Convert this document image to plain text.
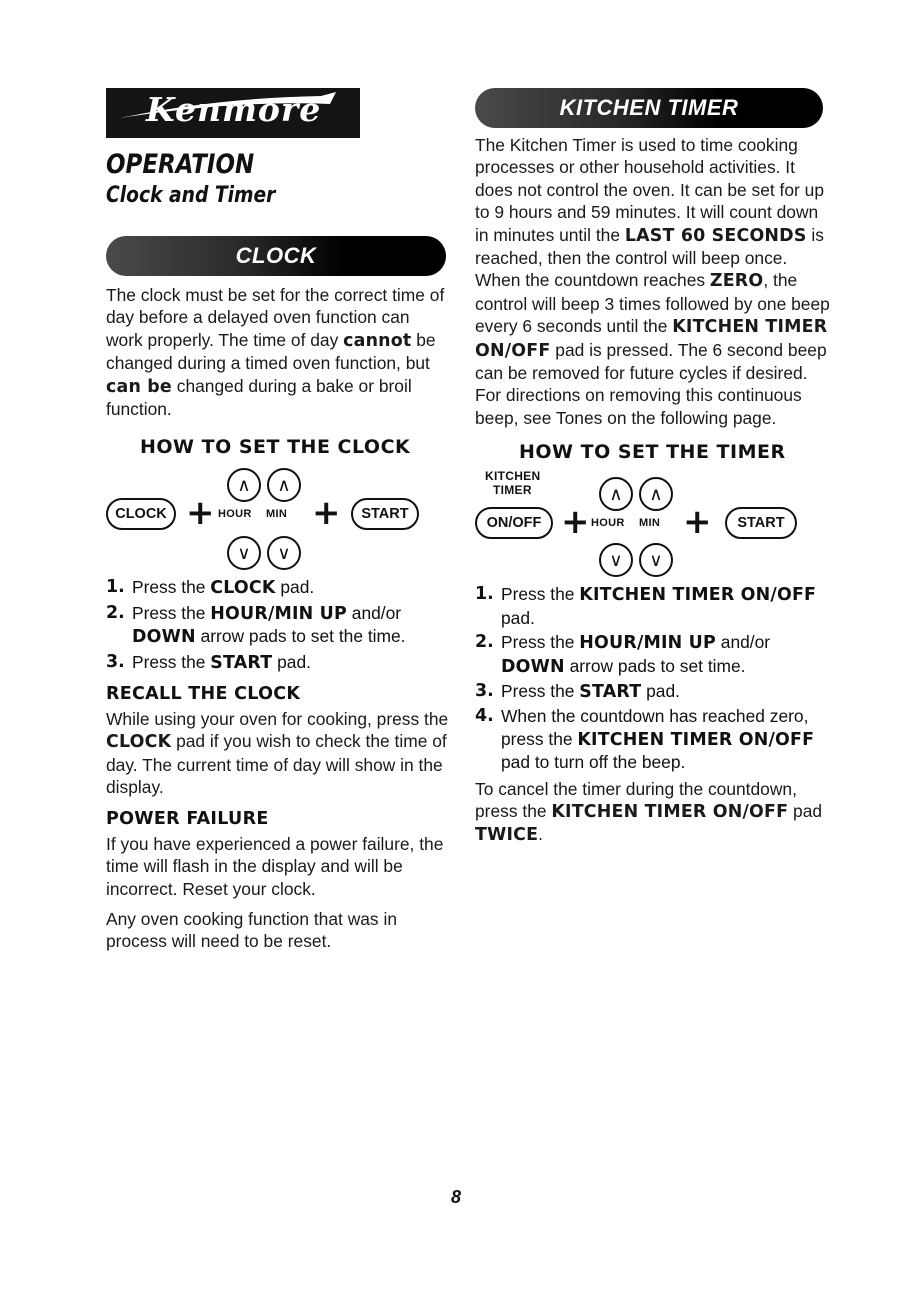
Kenmore
OPERATION
Clock and Timer
CLOCK

The clock must be set for the correct time of day before a delayed oven function can work properly. The time of day cannot be changed during a timed oven function, but can be changed during a bake or broil function.

HOW TO SET THE CLOCK
CLOCK +
∧	∧
HOUR MIN
∨	∨
+	START
1. Press the CLOCK pad.
2. Press the HOUR/MIN UP and/or DOWN arrow pads to set the time.
3. Press the START pad.
RECALL THE CLOCK

While using your oven for cooking, press the CLOCK pad if you wish to check the time of day. The current time of day will show in the display.

POWER FAILURE

If you have experienced a power failure, the time will flash in the display and will be incorrect. Reset your clock.

Any oven cooking function that was in process will need to be reset.

KITCHEN TIMER

The Kitchen Timer is used to time cooking processes or other household activities. It does not control the oven. It can be set for up to 9 hours and 59 minutes. It will count down in minutes until the LAST 60 SECONDS is reached, then the control will beep once. When the countdown reaches ZERO, the control will beep 3 times followed by one beep every 6 seconds until the KITCHEN TIMER ON/OFF pad is pressed. The 6 second beep can be removed for future cycles if desired. For directions on removing this continuous beep, see Tones on the following page.

HOW TO SET THE TIMER
KITCHEN
TIMER
ON/OFF +
∧	∧
HOUR MIN
∨	∨
+	START
1. Press the KITCHEN TIMER ON/OFF pad.
2. Press the HOUR/MIN UP and/or DOWN arrow pads to set time.
3. Press the START pad.
4. When the countdown has reached zero, press the KITCHEN TIMER ON/OFF pad to turn off the beep.

To cancel the timer during the countdown, press the KITCHEN TIMER ON/OFF pad TWICE.

8
